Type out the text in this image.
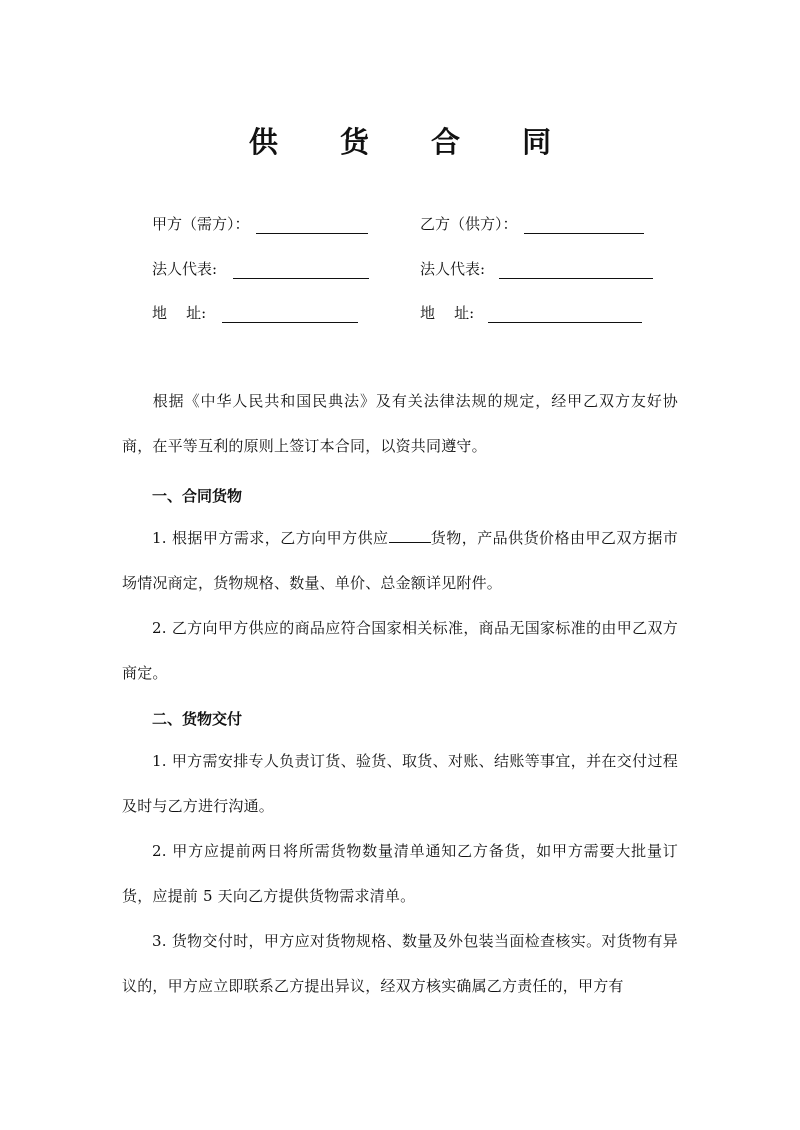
供 货 合 同
甲方（需方）：	乙方（供方）：
法人代表:	法人代表:
地    址:	地    址:

根据《中华人民共和国民典法》及有关法律法规的规定，经甲乙双方友好协商，在平等互利的原则上签订本合同，以资共同遵守。

一、合同货物

1. 根据甲方需求，乙方向甲方供应	货物，产品供货价格由甲乙双方据市场情况商定，货物规格、数量、单价、总金额详见附件。

2. 乙方向甲方供应的商品应符合国家相关标准，商品无国家标准的由甲乙双方商定。

二、货物交付

1. 甲方需安排专人负责订货、验货、取货、对账、结账等事宜，并在交付过程及时与乙方进行沟通。

2. 甲方应提前两日将所需货物数量清单通知乙方备货，如甲方需要大批量订货，应提前 5 天向乙方提供货物需求清单。

3. 货物交付时，甲方应对货物规格、数量及外包装当面检查核实。对货物有异议的，甲方应立即联系乙方提出异议，经双方核实确属乙方责任的，甲方有
